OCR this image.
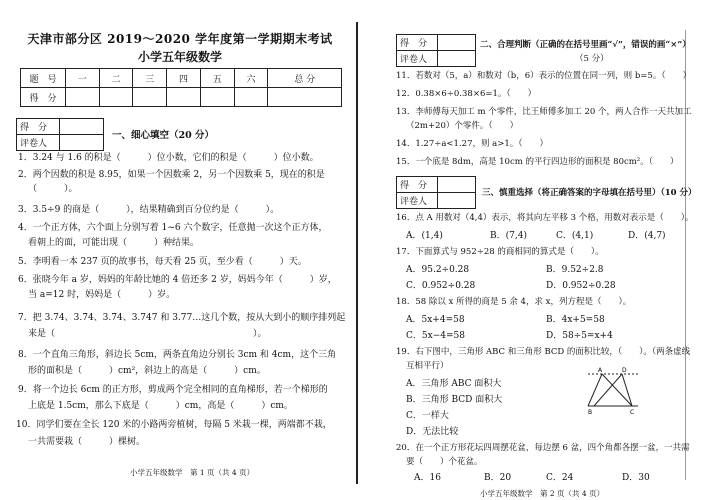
天津市部分区 2019～2020 学年度第一学期期末考试
小学五年级数学
题　号	一	二	三	四	五	六	总 分
得　分							
得　分	
评卷人	
一、细心填空（20 分）
1．3.24 与 1.6 的积是（　　　）位小数，它们的积是（　　　）位小数。
2．两个因数的积是 8.95，如果一个因数乘 2，另一个因数乘 5，现在的积是
（　　　）。
3．3.5÷9 的商是（　　　），结果精确到百分位约是（　　　）。
4．一个正方体，六个面上分别写着 1~6 六个数字，任意抛一次这个正方体，
看朝上的面，可能出现（　　　）种结果。
5．李明看一本 237 页的故事书，每天看 25 页，至少看（　　　）天。
6．张晓今年 a 岁，妈妈的年龄比她的 4 倍还多 2 岁，妈妈今年（　　　）岁，
当 a=12 时，妈妈是（　　　）岁。
7．把 3.74、3.7̇4̇、3.7̇4、3.747 和 3.77…这几个数，按从大到小的顺序排列起
来是（　　　　　　　　　　　　　　　　　　　　　　）。
8．一个直角三角形，斜边长 5cm，两条直角边分别长 3cm 和 4cm，这个三角
形的面积是（　　　）cm²，斜边上的高是（　　　）cm。
9．将一个边长 6cm 的正方形，剪成两个完全相同的直角梯形，若一个梯形的
上底是 1.5cm，那么下底是（　　　）cm，高是（　　　）cm。
10．同学们要在全长 120 米的小路两旁植树，每隔 5 米栽一棵，两端都不栽，
一共需要栽（　　　）棵树。
小学五年级数学　第 1 页（共 4 页）
得　分	
评卷人	
二、合理判断（正确的在括号里画“√”，错误的画“×”）
（5 分）
11．若数对（5，a）和数对（b，6）表示的位置在同一列，则 b=5。（　　）
12．0.38×6÷0.38×6=1。（　　）
13．李师傅每天加工 m 个零件，比王师傅多加工 20 个，两人合作一天共加工
（2m+20）个零件。（　　）
14．1.27÷a<1.27，则 a>1。（　　）
15．一个底是 8dm，高是 10cm 的平行四边形的面积是 80cm²。（　　）
得　分	
评卷人	
三、慎重选择（将正确答案的字母填在括号里）（10 分）
16．点 A 用数对（4,4）表示，将其向左平移 3 个格，用数对表示是（　　）。
A．(1,4)	B．(7,4)	C．(4,1)	D．(4,7)
17．下面算式与 952÷28 的商相同的算式是（　　）。
A．95.2÷0.28	B．9.52÷2.8
C．0.952÷0.28	D．0.952÷0.28
18．58 除以 x 所得的商是 5 余 4，求 x，列方程是（　　）。
A．5x+4=58	B．4x+5=58
C．5x−4=58	D．58÷5=x+4
19．右下图中，三角形 ABC 和三角形 BCD 的面积比较，（　　）。（两条虚线
互相平行）
A．三角形 ABC 面积大
B．三角形 BCD 面积大
C．一样大
D．无法比较
A	D
B	C
20．在一个正方形花坛四周摆花盆，每边摆 6 盆，四个角都各摆一盆，一共需
要（　　）个花盆。
A．16	B．20	C．24	D．30
小学五年级数学　第 2 页（共 4 页）
